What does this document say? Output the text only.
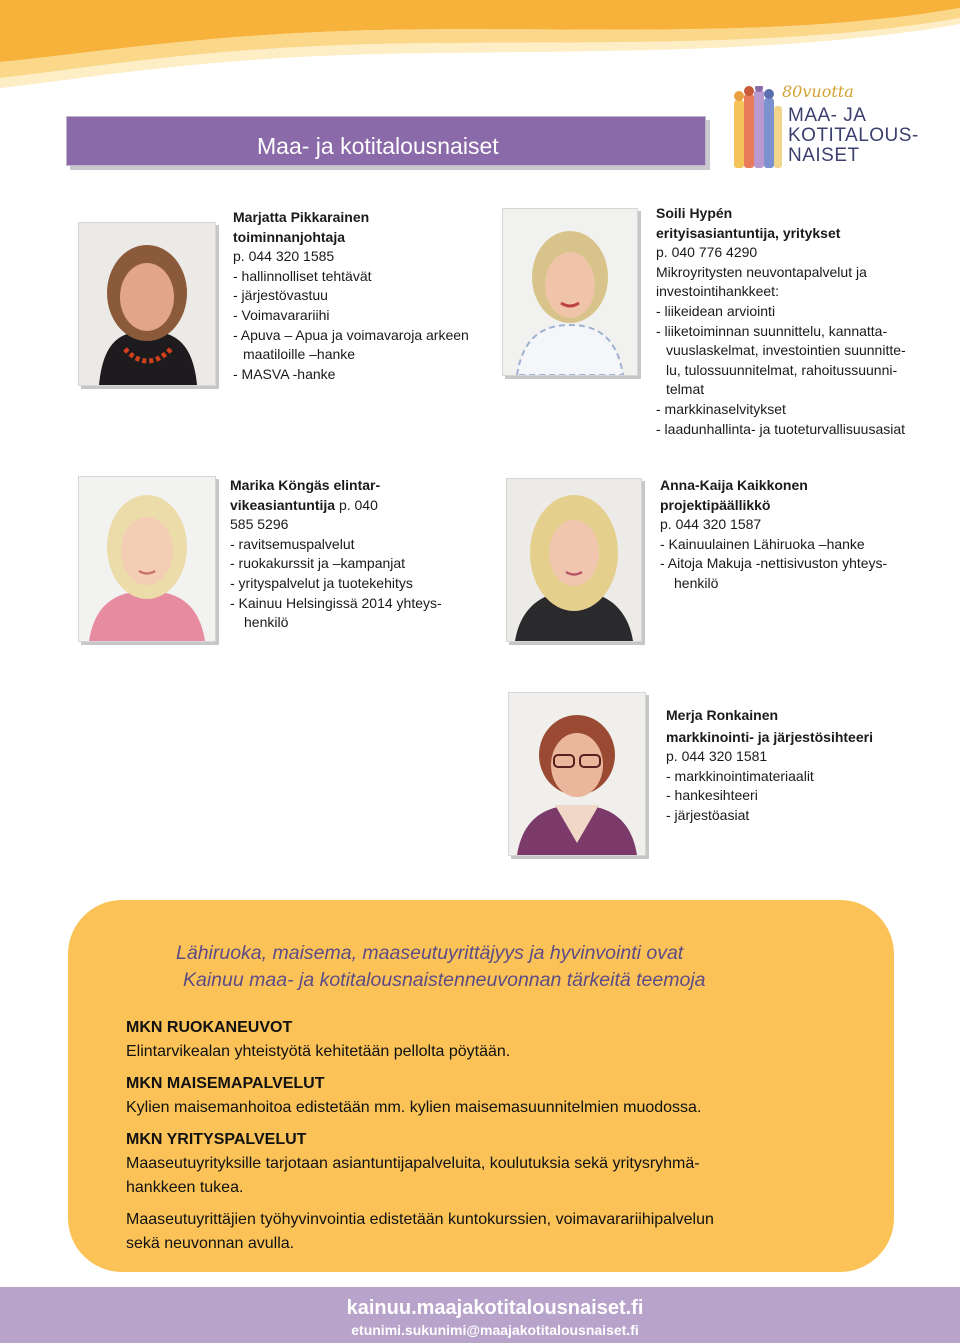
Maa- ja kotitalousnaiset
80vuotta
MAA- JA
KOTITALOUS-
NAISET
Marjatta Pikkarainen
toiminnanjohtaja
p. 044 320 1585
- hallinnolliset tehtävät
- järjestövastuu
- Voimavarariihi
- Apuva – Apua ja voimavaroja arkeen
maatiloille –hanke
- MASVA -hanke
Soili Hypén
erityisasiantuntija, yritykset
p. 040 776 4290
Mikroyritysten neuvontapalvelut ja
investointihankkeet:
- liikeidean arviointi
- liiketoiminnan suunnittelu, kannatta-
vuuslaskelmat, investointien suunnitte-
lu, tulossuunnitelmat, rahoitussuunni-
telmat
- markkinaselvitykset
- laadunhallinta- ja tuoteturvallisuusasiat
Marika Köngäs elintar-
vikeasiantuntija p. 040
585 5296
- ravitsemuspalvelut
- ruokakurssit ja –kampanjat
- yrityspalvelut ja tuotekehitys
- Kainuu Helsingissä 2014 yhteys-
henkilö
Anna-Kaija Kaikkonen
projektipäällikkö
p. 044 320 1587
- Kainuulainen Lähiruoka –hanke
- Aitoja Makuja -nettisivuston yhteys-
henkilö
Merja Ronkainen
markkinointi- ja järjestösihteeri
p. 044 320 1581
- markkinointimateriaalit
- hankesihteeri
- järjestöasiat
Lähiruoka, maisema, maaseutuyrittäjyys ja hyvinvointi ovat
Kainuu maa- ja kotitalousnaistenneuvonnan tärkeitä teemoja
MKN RUOKANEUVOT
Elintarvikealan yhteistyötä kehitetään pellolta pöytään.
MKN MAISEMAPALVELUT
Kylien maisemanhoitoa edistetään mm. kylien maisemasuunnitelmien muodossa.
MKN YRITYSPALVELUT
Maaseutuyrityksille tarjotaan asiantuntijapalveluita, koulutuksia sekä yritysryhmä-
hankkeen tukea.
Maaseutuyrittäjien työhyvinvointia edistetään kuntokurssien, voimavarariihipalvelun
sekä neuvonnan avulla.
kainuu.maajakotitalousnaiset.fi
etunimi.sukunimi@maajakotitalousnaiset.fi
